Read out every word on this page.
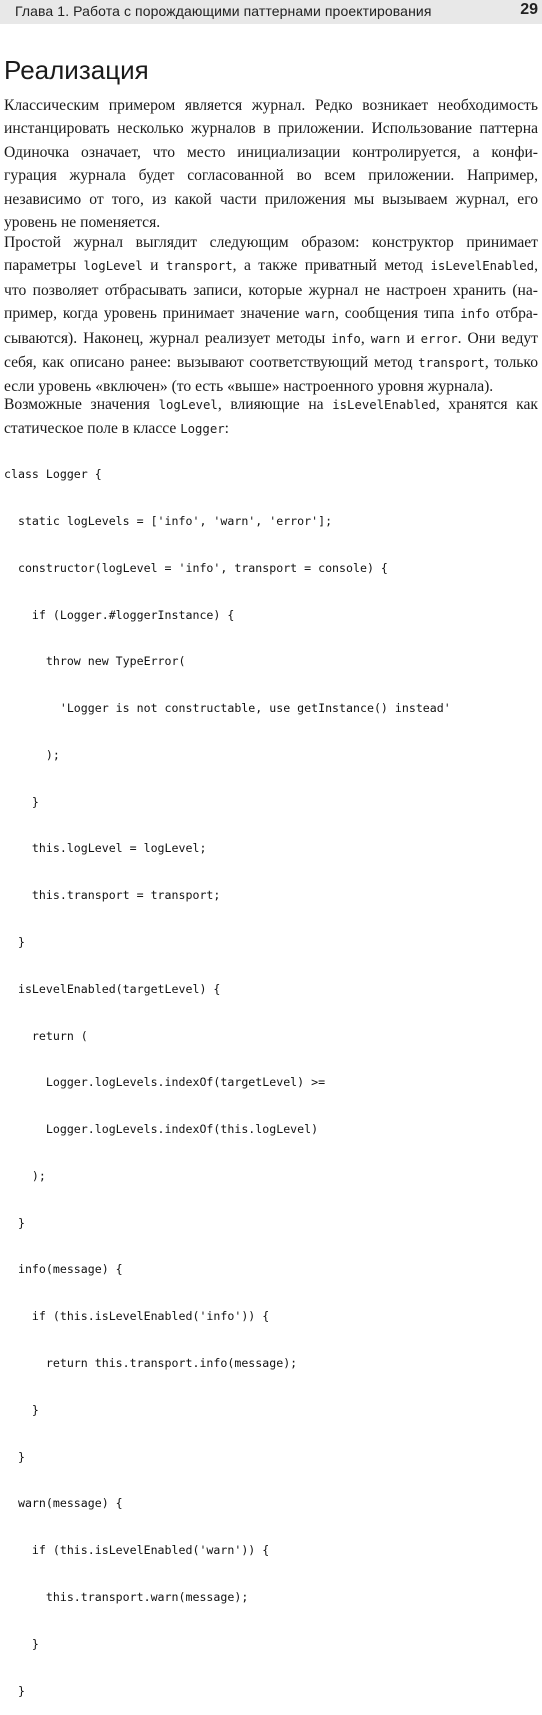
Глава 1. Работа с порождающими паттернами проектирования	29
Реализация
Классическим примером является журнал. Редко возникает необходимость
инстанцировать несколько журналов в приложении. Использование паттерна
Одиночка означает, что место инициализации контролируется, а конфи-
гурация журнала будет согласованной во всем приложении. Например,
независимо от того, из какой части приложения мы вызываем журнал, его
уровень не поменяется.
Простой журнал выглядит следующим образом: конструктор принимает
параметры logLevel и transport, а также приватный метод isLevelEnabled,
что позволяет отбрасывать записи, которые журнал не настроен хранить (на-
пример, когда уровень принимает значение warn, сообщения типа info отбра-
сываются). Наконец, журнал реализует методы info, warn и error. Они ведут
себя, как описано ранее: вызывают соответствующий метод transport, только
если уровень «включен» (то есть «выше» настроенного уровня журнала).
Возможные значения logLevel, влияющие на isLevelEnabled, хранятся как
статическое поле в классе Logger:

class Logger {

static logLevels = ['info', 'warn', 'error'];

constructor(logLevel = 'info', transport = console) {

if (Logger.#loggerInstance) {

throw new TypeError(

'Logger is not constructable, use getInstance() instead'

);

}

this.logLevel = logLevel;

this.transport = transport;

}

isLevelEnabled(targetLevel) {

return (

Logger.logLevels.indexOf(targetLevel) >=

Logger.logLevels.indexOf(this.logLevel)

);

}

info(message) {

if (this.isLevelEnabled('info')) {

return this.transport.info(message);

}

}

warn(message) {

if (this.isLevelEnabled('warn')) {

this.transport.warn(message);

}

}
